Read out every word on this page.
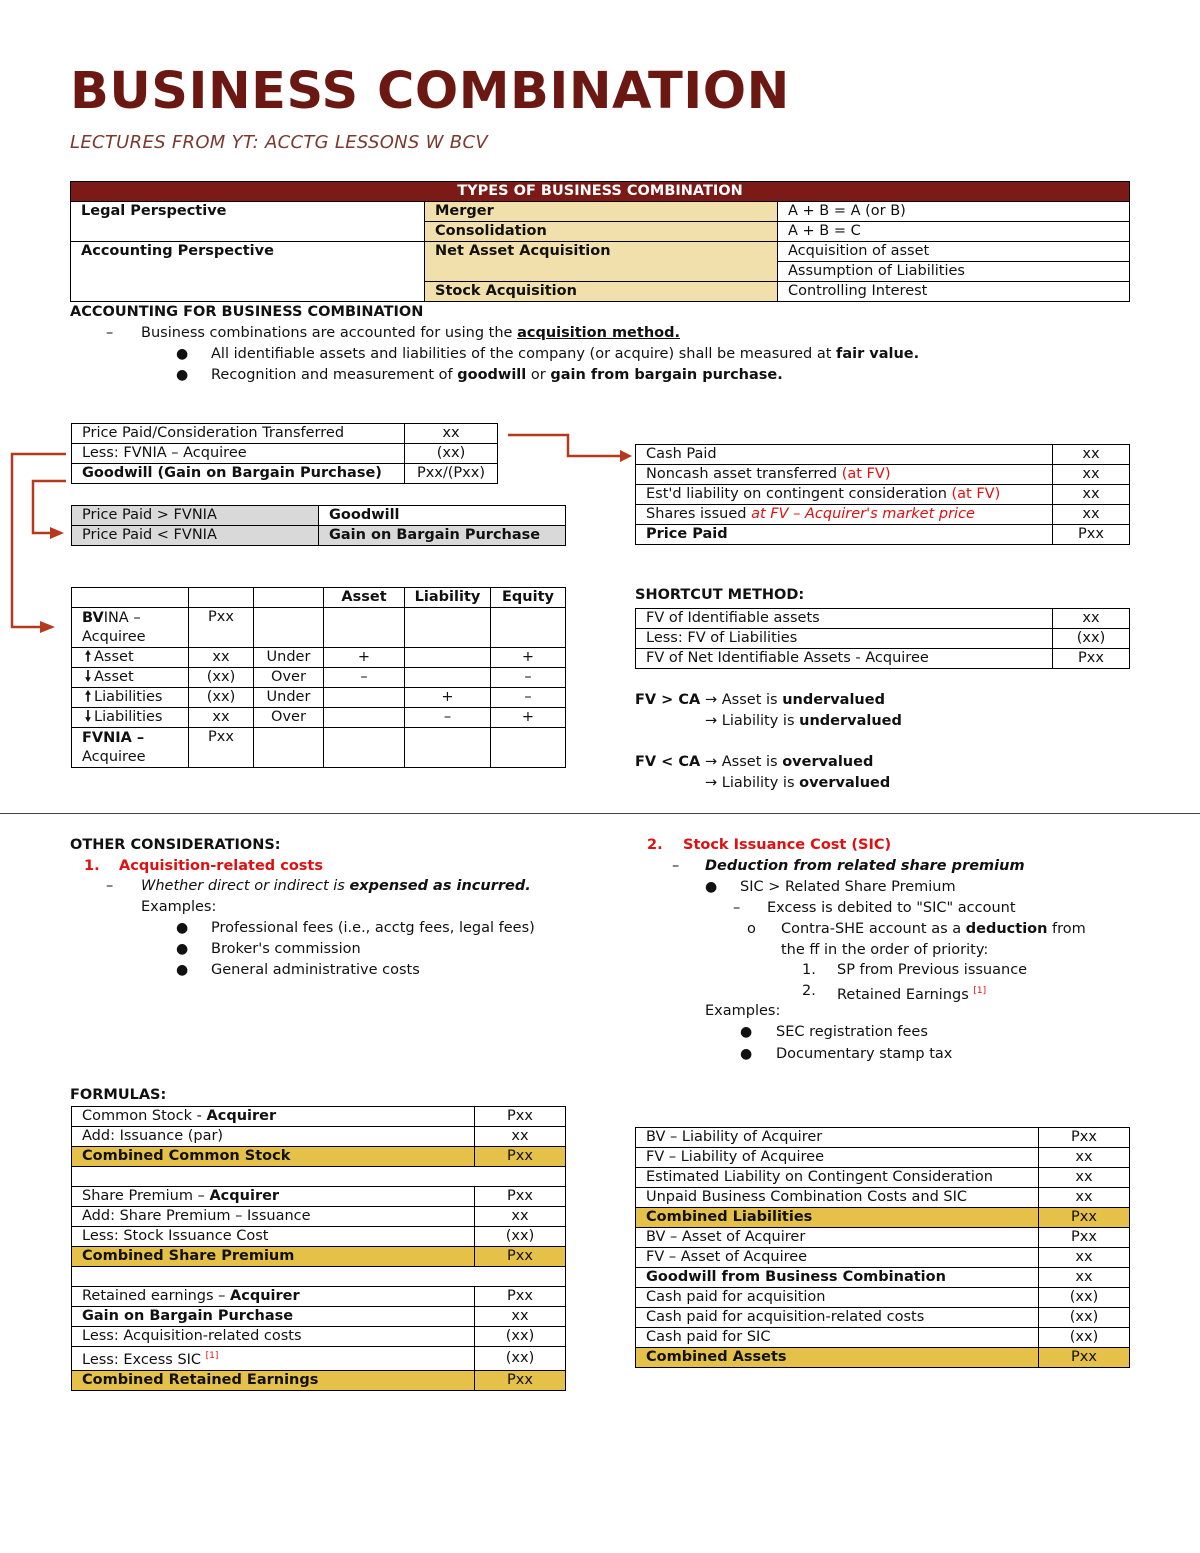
BUSINESS COMBINATION
LECTURES FROM YT: ACCTG LESSONS W BCV
TYPES OF BUSINESS COMBINATION		
Legal Perspective	Merger	A + B = A (or B)
	Consolidation	A + B = C
Accounting Perspective	Net Asset Acquisition	Acquisition of asset
		Assumption of Liabilities
	Stock Acquisition	Controlling Interest
ACCOUNTING FOR BUSINESS COMBINATION
– Business combinations are accounted for using the acquisition method.
● All identifiable assets and liabilities of the company (or acquire) shall be measured at fair value.
● Recognition and measurement of goodwill or gain from bargain purchase.
Price Paid/Consideration Transferred	xx
Less: FVNIA – Acquiree	(xx)
Goodwill (Gain on Bargain Purchase)	Pxx/(Pxx)
Price Paid > FVNIA	Goodwill
Price Paid < FVNIA	Gain on Bargain Purchase
Cash Paid	xx
Noncash asset transferred (at FV)	xx
Est'd liability on contingent consideration (at FV)	xx
Shares issued at FV – Acquirer's market price	xx
Price Paid	Pxx
			Asset	Liability	Equity
BVINA –
Acquiree	Pxx				
🠕 Asset	xx	Under	+		+
🠗 Asset	(xx)	Over	–		–
🠕 Liabilities	(xx)	Under		+	–
🠗 Liabilities	xx	Over		–	+
FVNIA –
Acquiree	Pxx				
SHORTCUT METHOD:
FV of Identifiable assets	xx
Less: FV of Liabilities	(xx)
FV of Net Identifiable Assets - Acquiree	Pxx
FV > CA → Asset is undervalued
→ Liability is undervalued
FV < CA → Asset is overvalued
→ Liability is overvalued
OTHER CONSIDERATIONS:
1. Acquisition-related costs
– Whether direct or indirect is expensed as incurred.
Examples:
● Professional fees (i.e., acctg fees, legal fees)
● Broker's commission
● General administrative costs
2. Stock Issuance Cost (SIC)
– Deduction from related share premium
● SIC > Related Share Premium
– Excess is debited to "SIC" account
o Contra-SHE account as a deduction from
the ff in the order of priority:
1. SP from Previous issuance
2. Retained Earnings [1]
Examples:
● SEC registration fees
● Documentary stamp tax
FORMULAS:
Common Stock - Acquirer	Pxx
Add: Issuance (par)	xx
Combined Common Stock	Pxx

Share Premium – Acquirer	Pxx
Add: Share Premium – Issuance	xx
Less: Stock Issuance Cost	(xx)
Combined Share Premium	Pxx

Retained earnings – Acquirer	Pxx
Gain on Bargain Purchase	xx
Less: Acquisition-related costs	(xx)
Less: Excess SIC [1]	(xx)
Combined Retained Earnings	Pxx
BV – Liability of Acquirer	Pxx
FV – Liability of Acquiree	xx
Estimated Liability on Contingent Consideration	xx
Unpaid Business Combination Costs and SIC	xx
Combined Liabilities	Pxx
BV – Asset of Acquirer	Pxx
FV – Asset of Acquiree	xx
Goodwill from Business Combination	xx
Cash paid for acquisition	(xx)
Cash paid for acquisition-related costs	(xx)
Cash paid for SIC	(xx)
Combined Assets	Pxx
